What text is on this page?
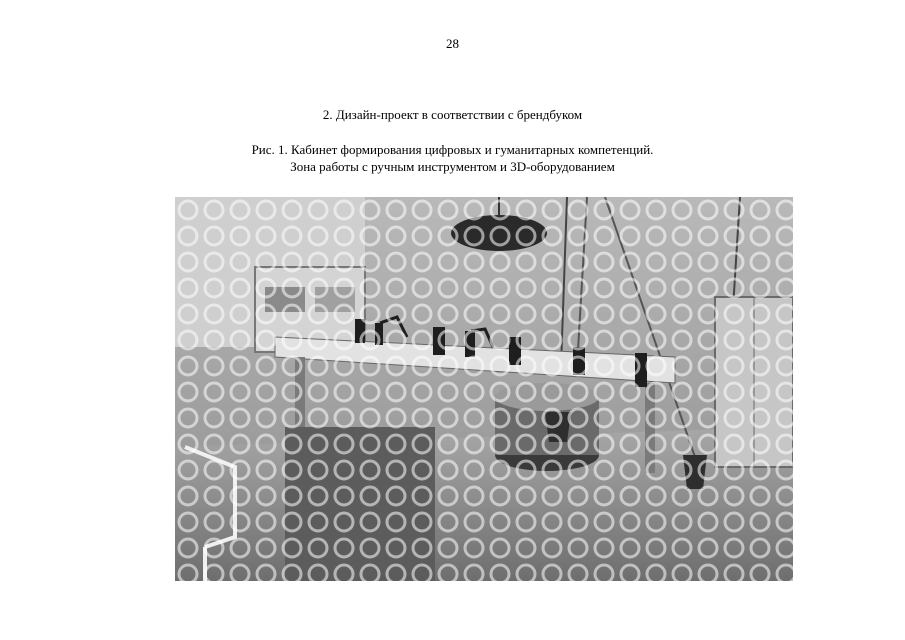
28
2. Дизайн-проект в соответствии с брендбуком
Рис. 1. Кабинет формирования цифровых и гуманитарных компетенций.
Зона работы с ручным инструментом и 3D-оборудованием
